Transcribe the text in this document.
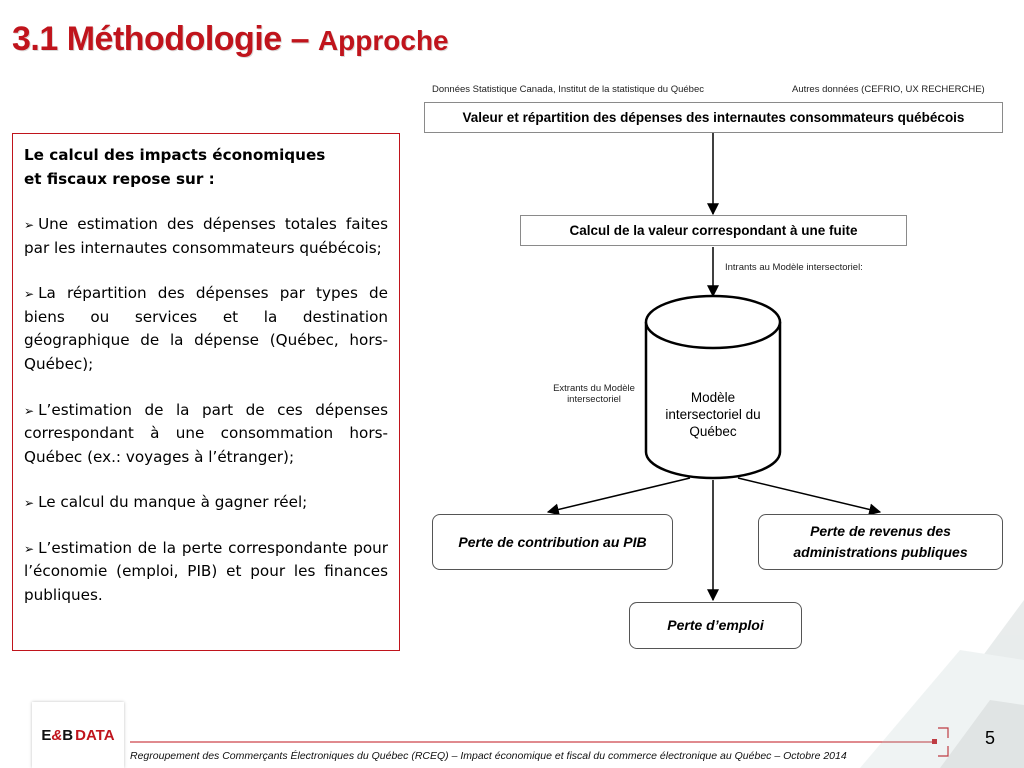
3.1 Méthodologie – Approche
Données Statistique Canada, Institut de la statistique du Québec	Autres données (CEFRIO, UX RECHERCHE)
Valeur et répartition des dépenses des internautes consommateurs québécois
Calcul de la valeur correspondant à une fuite
Intrants au Modèle intersectoriel:
Extrants du Modèle
intersectoriel	Modèle
intersectoriel du
Québec
Perte de contribution au PIB
Perte de revenus des
administrations publiques
Perte d’emploi
Le calcul des impacts économiques
et fiscaux repose sur :
➢ Une estimation des dépenses totales faites par les internautes consommateurs québécois;
➢ La répartition des dépenses par types de biens ou services et la destination géographique de la dépense (Québec, hors-Québec);
➢ L’estimation de la part de ces dépenses correspondant à une consommation hors-Québec (ex.: voyages à l’étranger);
➢ Le calcul du manque à gagner réel;
➢ L’estimation de la perte correspondante pour l’économie (emploi, PIB) et pour les finances publiques.
E & B DATA
Regroupement des Commerçants Électroniques du Québec (RCEQ) – Impact économique et fiscal du commerce électronique au Québec – Octobre 2014
5
